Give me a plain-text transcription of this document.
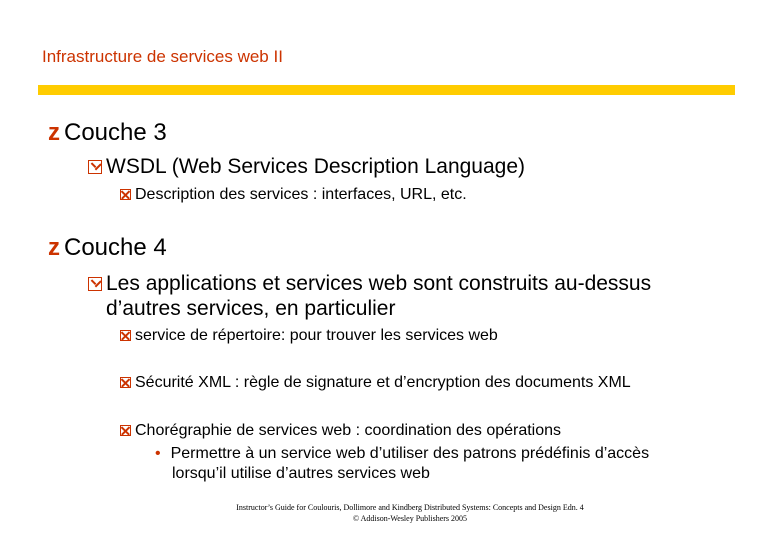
Infrastructure de services web II
z Couche 3
WSDL (Web Services Description Language)
Description des services : interfaces, URL, etc.
z Couche 4
Les applications et services web sont construits au-dessus
d’autres services, en particulier
service de répertoire: pour trouver les services web
Sécurité XML : règle de signature et d’encryption des documents XML
Chorégraphie de services web : coordination des opérations
• Permettre à un service web d’utiliser des patrons prédéfinis d’accès
lorsqu’il utilise d’autres services web
Instructor’s Guide for Coulouris, Dollimore and Kindberg Distributed Systems: Concepts and Design Edn. 4
© Addison-Wesley Publishers 2005
